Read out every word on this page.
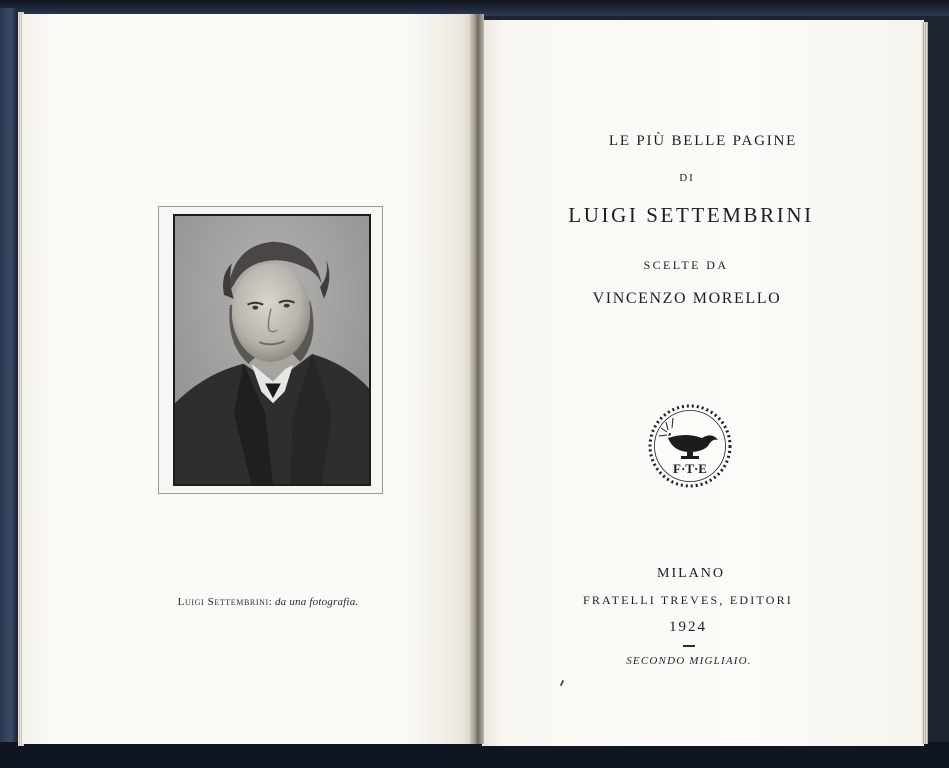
Luigi Settembrini: da una fotografia.
LE PIÙ BELLE PAGINE
DI
LUIGI SETTEMBRINI
SCELTE DA
VINCENZO MORELLO
F·T·E
MILANO
FRATELLI TREVES, EDITORI
1924
SECONDO MIGLIAIO.
